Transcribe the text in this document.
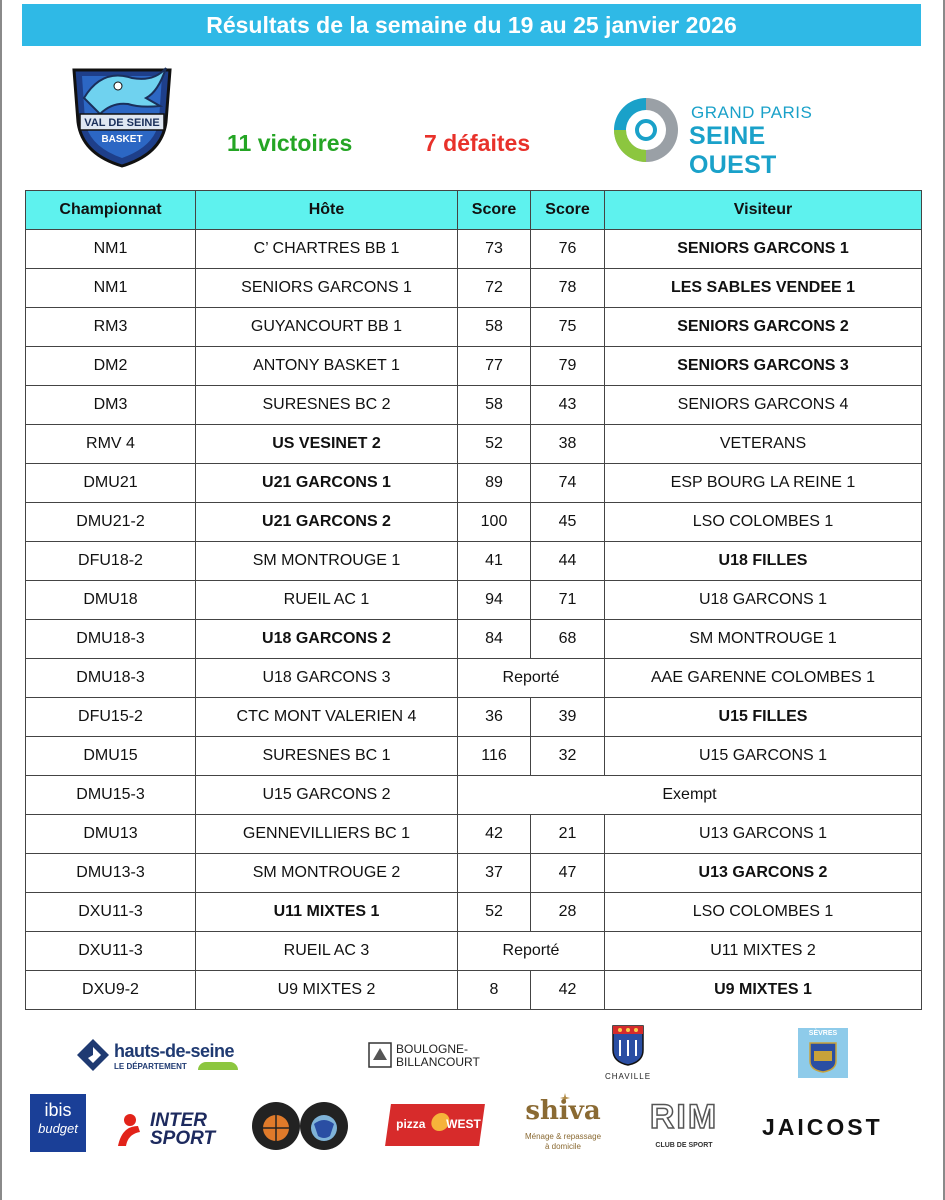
Résultats de la semaine du 19 au 25 janvier 2026
VAL DE SEINE
BASKET	11 victoires	7 défaites
GRAND PARIS
SEINE OUEST
Championnat	Hôte	Score	Score	Visiteur
NM1	C’ CHARTRES BB 1	73	76	SENIORS GARCONS 1
NM1	SENIORS GARCONS 1	72	78	LES SABLES VENDEE 1
RM3	GUYANCOURT BB 1	58	75	SENIORS GARCONS 2
DM2	ANTONY BASKET 1	77	79	SENIORS GARCONS 3
DM3	SURESNES BC 2	58	43	SENIORS GARCONS 4
RMV 4	US VESINET 2	52	38	VETERANS
DMU21	U21 GARCONS 1	89	74	ESP BOURG LA REINE 1
DMU21-2	U21 GARCONS 2	100	45	LSO COLOMBES 1
DFU18-2	SM MONTROUGE 1	41	44	U18 FILLES
DMU18	RUEIL AC 1	94	71	U18 GARCONS 1
DMU18-3	U18 GARCONS 2	84	68	SM MONTROUGE 1
DMU18-3	U18 GARCONS 3	Reporté		AAE GARENNE COLOMBES 1
DFU15-2	CTC MONT VALERIEN 4	36	39	U15 FILLES
DMU15	SURESNES BC 1	116	32	U15 GARCONS 1
DMU15-3	U15 GARCONS 2	Exempt		
DMU13	GENNEVILLIERS BC 1	42	21	U13 GARCONS 1
DMU13-3	SM MONTROUGE 2	37	47	U13 GARCONS 2
DXU11-3	U11 MIXTES 1	52	28	LSO COLOMBES 1
DXU11-3	RUEIL AC 3	Reporté		U11 MIXTES 2
DXU9-2	U9 MIXTES 2	8	42	U9 MIXTES 1
hauts-de-seine
LE DÉPARTEMENT
BOULOGNE-
BILLANCOURT
CHAVILLE
SÈVRES
ibis
budget	INTER
SPORT
pizza WEST shiva
Ménage & repassage
à domicile
RIM
CLUB DE SPORT
JAICOST
